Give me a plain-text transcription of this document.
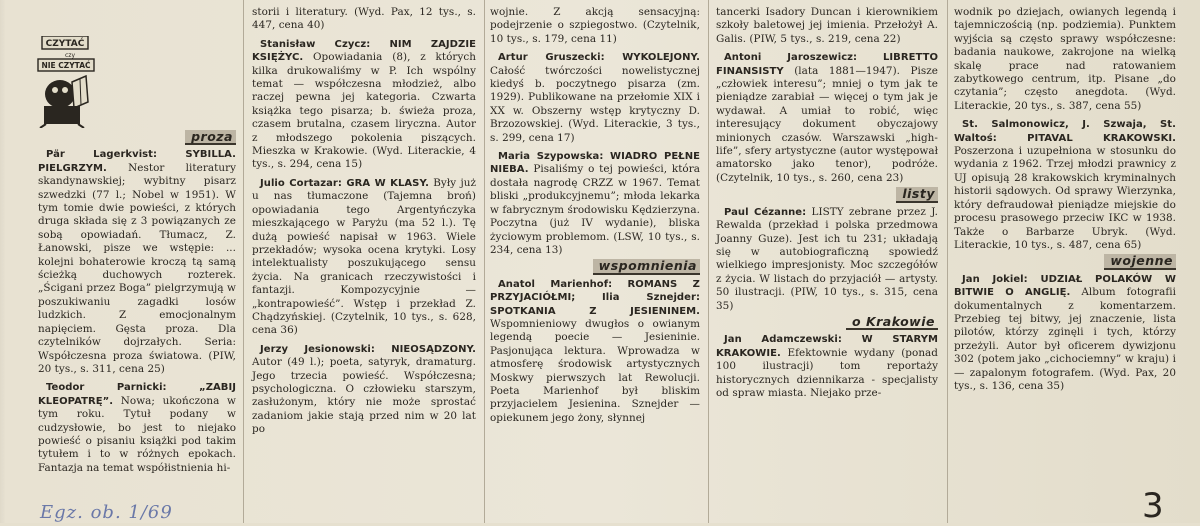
CZYTAĆ
czy
NIE CZYTAĆ
proza

Pär Lagerkvist: SYBILLA. PIELGRZYM. Nestor literatury skandynawskiej; wybitny pisarz szwedzki (77 l.; Nobel w 1951). W tym tomie dwie powieści, z których druga składa się z 3 powiązanych ze sobą opowiadań. Tłumacz, Z. Łanowski, pisze we wstępie: ... kolejni bohaterowie kroczą tą samą ścieżką duchowych rozterek. „Ścigani przez Boga” pielgrzymują w poszukiwaniu zagadki losów ludzkich. Z emocjonalnym napięciem. Gęsta proza. Dla czytelników dojrzałych. Seria: Współczesna proza światowa. (PIW, 20 tys., s. 311, cena 25)

Teodor Parnicki: „ZABIJ KLEOPATRĘ”. Nowa; ukończona w tym roku. Tytuł podany w cudzysłowie, bo jest to niejako powieść o pisaniu książki pod takim tytułem i to w różnych epokach. Fantazja na temat współistnienia hi-

storii i literatury. (Wyd. Pax, 12 tys., s. 447, cena 40)

Stanisław Czycz: NIM ZAJDZIE KSIĘŻYC. Opowiadania (8), z których kilka drukowaliśmy w P. Ich wspólny temat — współczesna młodzież, albo raczej pewna jej kategoria. Czwarta książka tego pisarza; b. świeża proza, czasem brutalna, czasem liryczna. Autor z młodszego pokolenia piszących. Mieszka w Krakowie. (Wyd. Literackie, 4 tys., s. 294, cena 15)

Julio Cortazar: GRA W KLASY. Były już u nas tłumaczone (Tajemna broń) opowiadania tego Argentyńczyka mieszkającego w Paryżu (ma 52 l.). Tę dużą powieść napisał w 1963. Wiele przekładów; wysoka ocena krytyki. Losy intelektualisty poszukującego sensu życia. Na granicach rzeczywistości i fantazji. Kompozycyjnie — „kontrapowieść”. Wstęp i przekład Z. Chądzyńskiej. (Czytelnik, 10 tys., s. 628, cena 36)

Jerzy Jesionowski: NIEOSĄDZONY. Autor (49 l.); poeta, satyryk, dramaturg. Jego trzecia powieść. Współczesna; psychologiczna. O człowieku starszym, zasłużonym, który nie może sprostać zadaniom jakie stają przed nim w 20 lat po

wojnie. Z akcją sensacyjną: podejrzenie o szpiegostwo. (Czytelnik, 10 tys., s. 179, cena 11)

Artur Gruszecki: WYKOLEJONY. Całość twórczości nowelistycznej kiedyś b. poczytnego pisarza (zm. 1929). Publikowane na przełomie XIX i XX w. Obszerny wstęp krytyczny D. Brzozowskiej. (Wyd. Literackie, 3 tys., s. 299, cena 17)

Maria Szypowska: WIADRO PEŁNE NIEBA. Pisaliśmy o tej powieści, która dostała nagrodę CRZZ w 1967. Temat bliski „produkcyjnemu”; młoda lekarka w fabrycznym środowisku Kędzierzyna. Poczytna (już IV wydanie), bliska życiowym problemom. (LSW, 10 tys., s. 234, cena 13)

wspomnienia

Anatol Marienhof: ROMANS Z PRZYJACIÓŁMI; Ilia Sznejder: SPOTKANIA Z JESIENINEM. Wspomnieniowy dwugłos o owianym legendą poecie — Jesieninie. Pasjonująca lektura. Wprowadza w atmosferę środowisk artystycznych Moskwy pierwszych lat Rewolucji. Poeta Marienhof był bliskim przyjacielem Jesienina. Sznejder — opiekunem jego żony, słynnej

tancerki Isadory Duncan i kierownikiem szkoły baletowej jej imienia. Przełożył A. Galis. (PIW, 5 tys., s. 219, cena 22)

Antoni Jaroszewicz: LIBRETTO FINANSISTY (lata 1881—1947). Pisze „człowiek interesu”; mniej o tym jak te pieniądze zarabiał — więcej o tym jak je wydawał. A umiał to robić, więc interesujący dokument obyczajowy minionych czasów. Warszawski „high-life”, sfery artystyczne (autor występował amatorsko jako tenor), podróże. (Czytelnik, 10 tys., s. 260, cena 23)

listy

Paul Cézanne: LISTY zebrane przez J. Rewalda (przekład i polska przedmowa Joanny Guze). Jest ich tu 231; układają się w autobiograficzną spowiedź wielkiego impresjonisty. Moc szczegółów z życia. W listach do przyjaciół — artysty. 50 ilustracji. (PIW, 10 tys., s. 315, cena 35)

o Krakowie

Jan Adamczewski: W STARYM KRAKOWIE. Efektownie wydany (ponad 100 ilustracji) tom reportaży historycznych dziennikarza - specjalisty od spraw miasta. Niejako prze-

wodnik po dziejach, owianych legendą i tajemniczością (np. podziemia). Punktem wyjścia są często sprawy współczesne: badania naukowe, zakrojone na wielką skalę prace nad ratowaniem zabytkowego centrum, itp. Pisane „do czytania”; często anegdota. (Wyd. Literackie, 20 tys., s. 387, cena 55)

St. Salmonowicz, J. Szwaja, St. Waltoś: PITAVAL KRAKOWSKI. Poszerzona i uzupełniona w stosunku do wydania z 1962. Trzej młodzi prawnicy z UJ opisują 28 krakowskich kryminalnych historii sądowych. Od sprawy Wierzynka, który defraudował pieniądze miejskie do procesu prasowego przeciw IKC w 1938. Także o Barbarze Ubryk. (Wyd. Literackie, 10 tys., s. 487, cena 65)

wojenne

Jan Jokiel: UDZIAŁ POLAKÓW W BITWIE O ANGLIĘ. Album fotografii dokumentalnych z komentarzem. Przebieg tej bitwy, jej znaczenie, lista pilotów, którzy zginęli i tych, którzy przeżyli. Autor był oficerem dywizjonu 302 (potem jako „cichociemny” w kraju) i — zapalonym fotografem. (Wyd. Pax, 20 tys., s. 136, cena 35)

Egz. ob. 1/69	3
